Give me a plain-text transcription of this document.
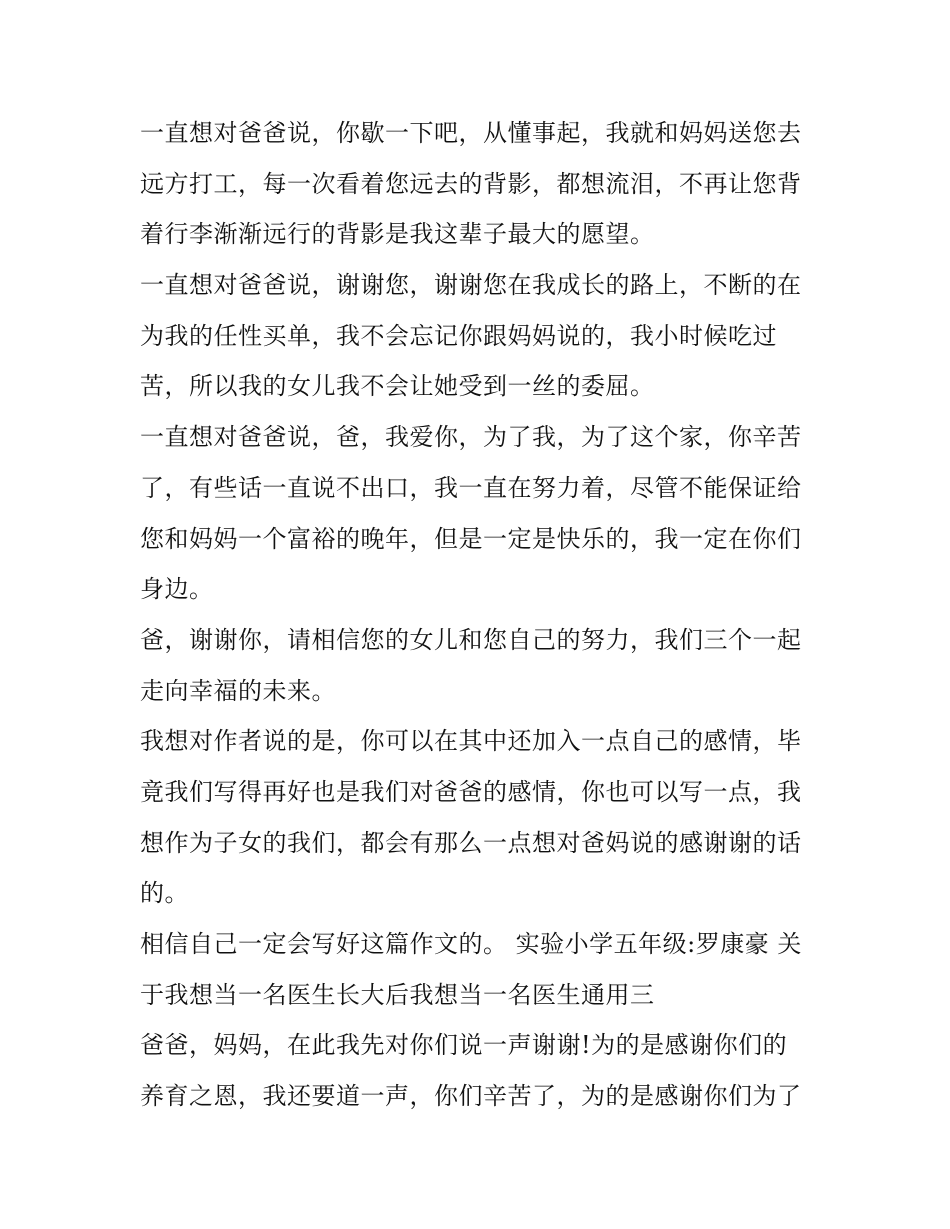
一直想对爸爸说，你歇一下吧，从懂事起，我就和妈妈送您去
远方打工，每一次看着您远去的背影，都想流泪，不再让您背
着行李渐渐远行的背影是我这辈子最大的愿望。
一直想对爸爸说，谢谢您，谢谢您在我成长的路上，不断的在
为我的任性买单，我不会忘记你跟妈妈说的，我小时候吃过
苦，所以我的女儿我不会让她受到一丝的委屈。
一直想对爸爸说，爸，我爱你，为了我，为了这个家，你辛苦
了，有些话一直说不出口，我一直在努力着，尽管不能保证给
您和妈妈一个富裕的晚年，但是一定是快乐的，我一定在你们
身边。
爸，谢谢你，请相信您的女儿和您自己的努力，我们三个一起
走向幸福的未来。
我想对作者说的是，你可以在其中还加入一点自己的感情，毕
竟我们写得再好也是我们对爸爸的感情，你也可以写一点，我
想作为子女的我们，都会有那么一点想对爸妈说的感谢谢的话
的。
相信自己一定会写好这篇作文的。 实验小学五年级:罗康豪 关
于我想当一名医生长大后我想当一名医生通用三
爸爸，妈妈，在此我先对你们说一声谢谢!为的是感谢你们的
养育之恩，我还要道一声，你们辛苦了，为的是感谢你们为了
